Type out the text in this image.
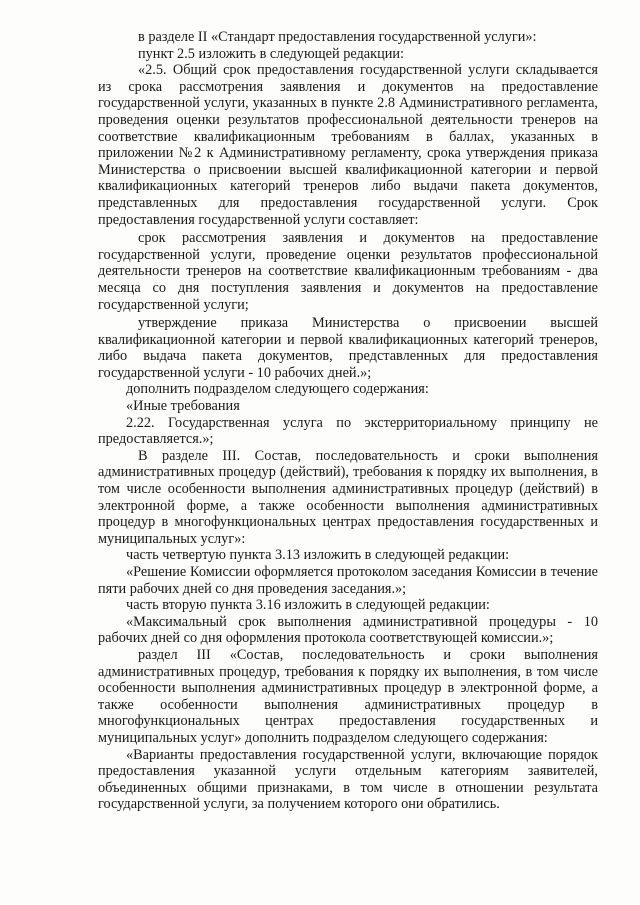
в разделе II «Стандарт предоставления государственной услуги»:

пункт 2.5 изложить в следующей редакции:

«2.5. Общий срок предоставления государственной услуги складывается из срока рассмотрения заявления и документов на предоставление государственной услуги, указанных в пункте 2.8 Административного регламента, проведения оценки результатов профессиональной деятельности тренеров на соответствие квалификационным требованиям в баллах, указанных в приложении №2 к Административному регламенту, срока утверждения приказа Министерства о присвоении высшей квалификационной категории и первой квалификационных категорий тренеров либо выдачи пакета документов, представленных для предоставления государственной услуги. Срок предоставления государственной услуги составляет:

срок рассмотрения заявления и документов на предоставление государственной услуги, проведение оценки результатов профессиональной деятельности тренеров на соответствие квалификационным требованиям - два месяца со дня поступления заявления и документов на предоставление государственной услуги;

утверждение приказа Министерства о присвоении высшей квалификационной категории и первой квалификационных категорий тренеров, либо выдача пакета документов, представленных для предоставления государственной услуги - 10 рабочих дней.»;

дополнить подразделом следующего содержания:

«Иные требования

2.22. Государственная услуга по экстерриториальному принципу не предоставляется.»;

В разделе III. Состав, последовательность и сроки выполнения административных процедур (действий), требования к порядку их выполнения, в том числе особенности выполнения административных процедур (действий) в электронной форме, а также особенности выполнения административных процедур в многофункциональных центрах предоставления государственных и муниципальных услуг»:

часть четвертую пункта 3.13 изложить в следующей редакции:

«Решение Комиссии оформляется протоколом заседания Комиссии в течение пяти рабочих дней со дня проведения заседания.»;

часть вторую пункта 3.16 изложить в следующей редакции:

«Максимальный срок выполнения административной процедуры - 10 рабочих дней со дня оформления протокола соответствующей комиссии.»;

раздел III «Состав, последовательность и сроки выполнения административных процедур, требования к порядку их выполнения, в том числе особенности выполнения административных процедур в электронной форме, а также особенности выполнения административных процедур в многофункциональных центрах предоставления государственных и муниципальных услуг» дополнить подразделом следующего содержания:

«Варианты предоставления государственной услуги, включающие порядок предоставления указанной услуги отдельным категориям заявителей, объединенных общими признаками, в том числе в отношении результата государственной услуги, за получением которого они обратились.
